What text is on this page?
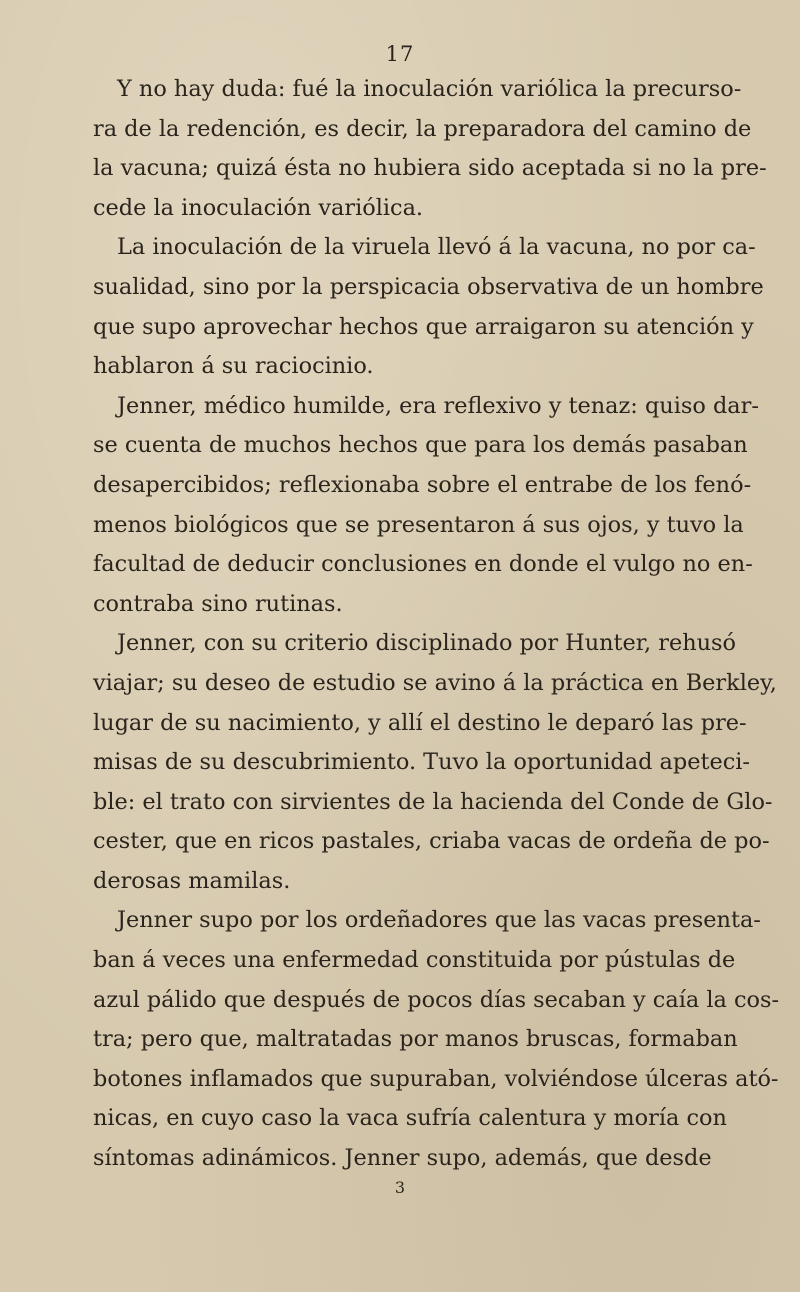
17
Y no hay duda: fué la inoculación variólica la precurso-
ra de la redención, es decir, la preparadora del camino de
la vacuna; quizá ésta no hubiera sido aceptada si no la pre-
cede la inoculación variólica.
La inoculación de la viruela llevó á la vacuna, no por ca-
sualidad, sino por la perspicacia observativa de un hombre
que supo aprovechar hechos que arraigaron su atención y
hablaron á su raciocinio.
Jenner, médico humilde, era reflexivo y tenaz: quiso dar-
se cuenta de muchos hechos que para los demás pasaban
desapercibidos; reflexionaba sobre el entrabe de los fenó-
menos biológicos que se presentaron á sus ojos, y tuvo la
facultad de deducir conclusiones en donde el vulgo no en-
contraba sino rutinas.
Jenner, con su criterio disciplinado por Hunter, rehusó
viajar; su deseo de estudio se avino á la práctica en Berkley,
lugar de su nacimiento, y allí el destino le deparó las pre-
misas de su descubrimiento. Tuvo la oportunidad apeteci-
ble: el trato con sirvientes de la hacienda del Conde de Glo-
cester, que en ricos pastales, criaba vacas de ordeña de po-
derosas mamilas.
Jenner supo por los ordeñadores que las vacas presenta-
ban á veces una enfermedad constituida por pústulas de
azul pálido que después de pocos días secaban y caía la cos-
tra; pero que, maltratadas por manos bruscas, formaban
botones inflamados que supuraban, volviéndose úlceras ató-
nicas, en cuyo caso la vaca sufría calentura y moría con
síntomas adinámicos. Jenner supo, además, que desde
3
